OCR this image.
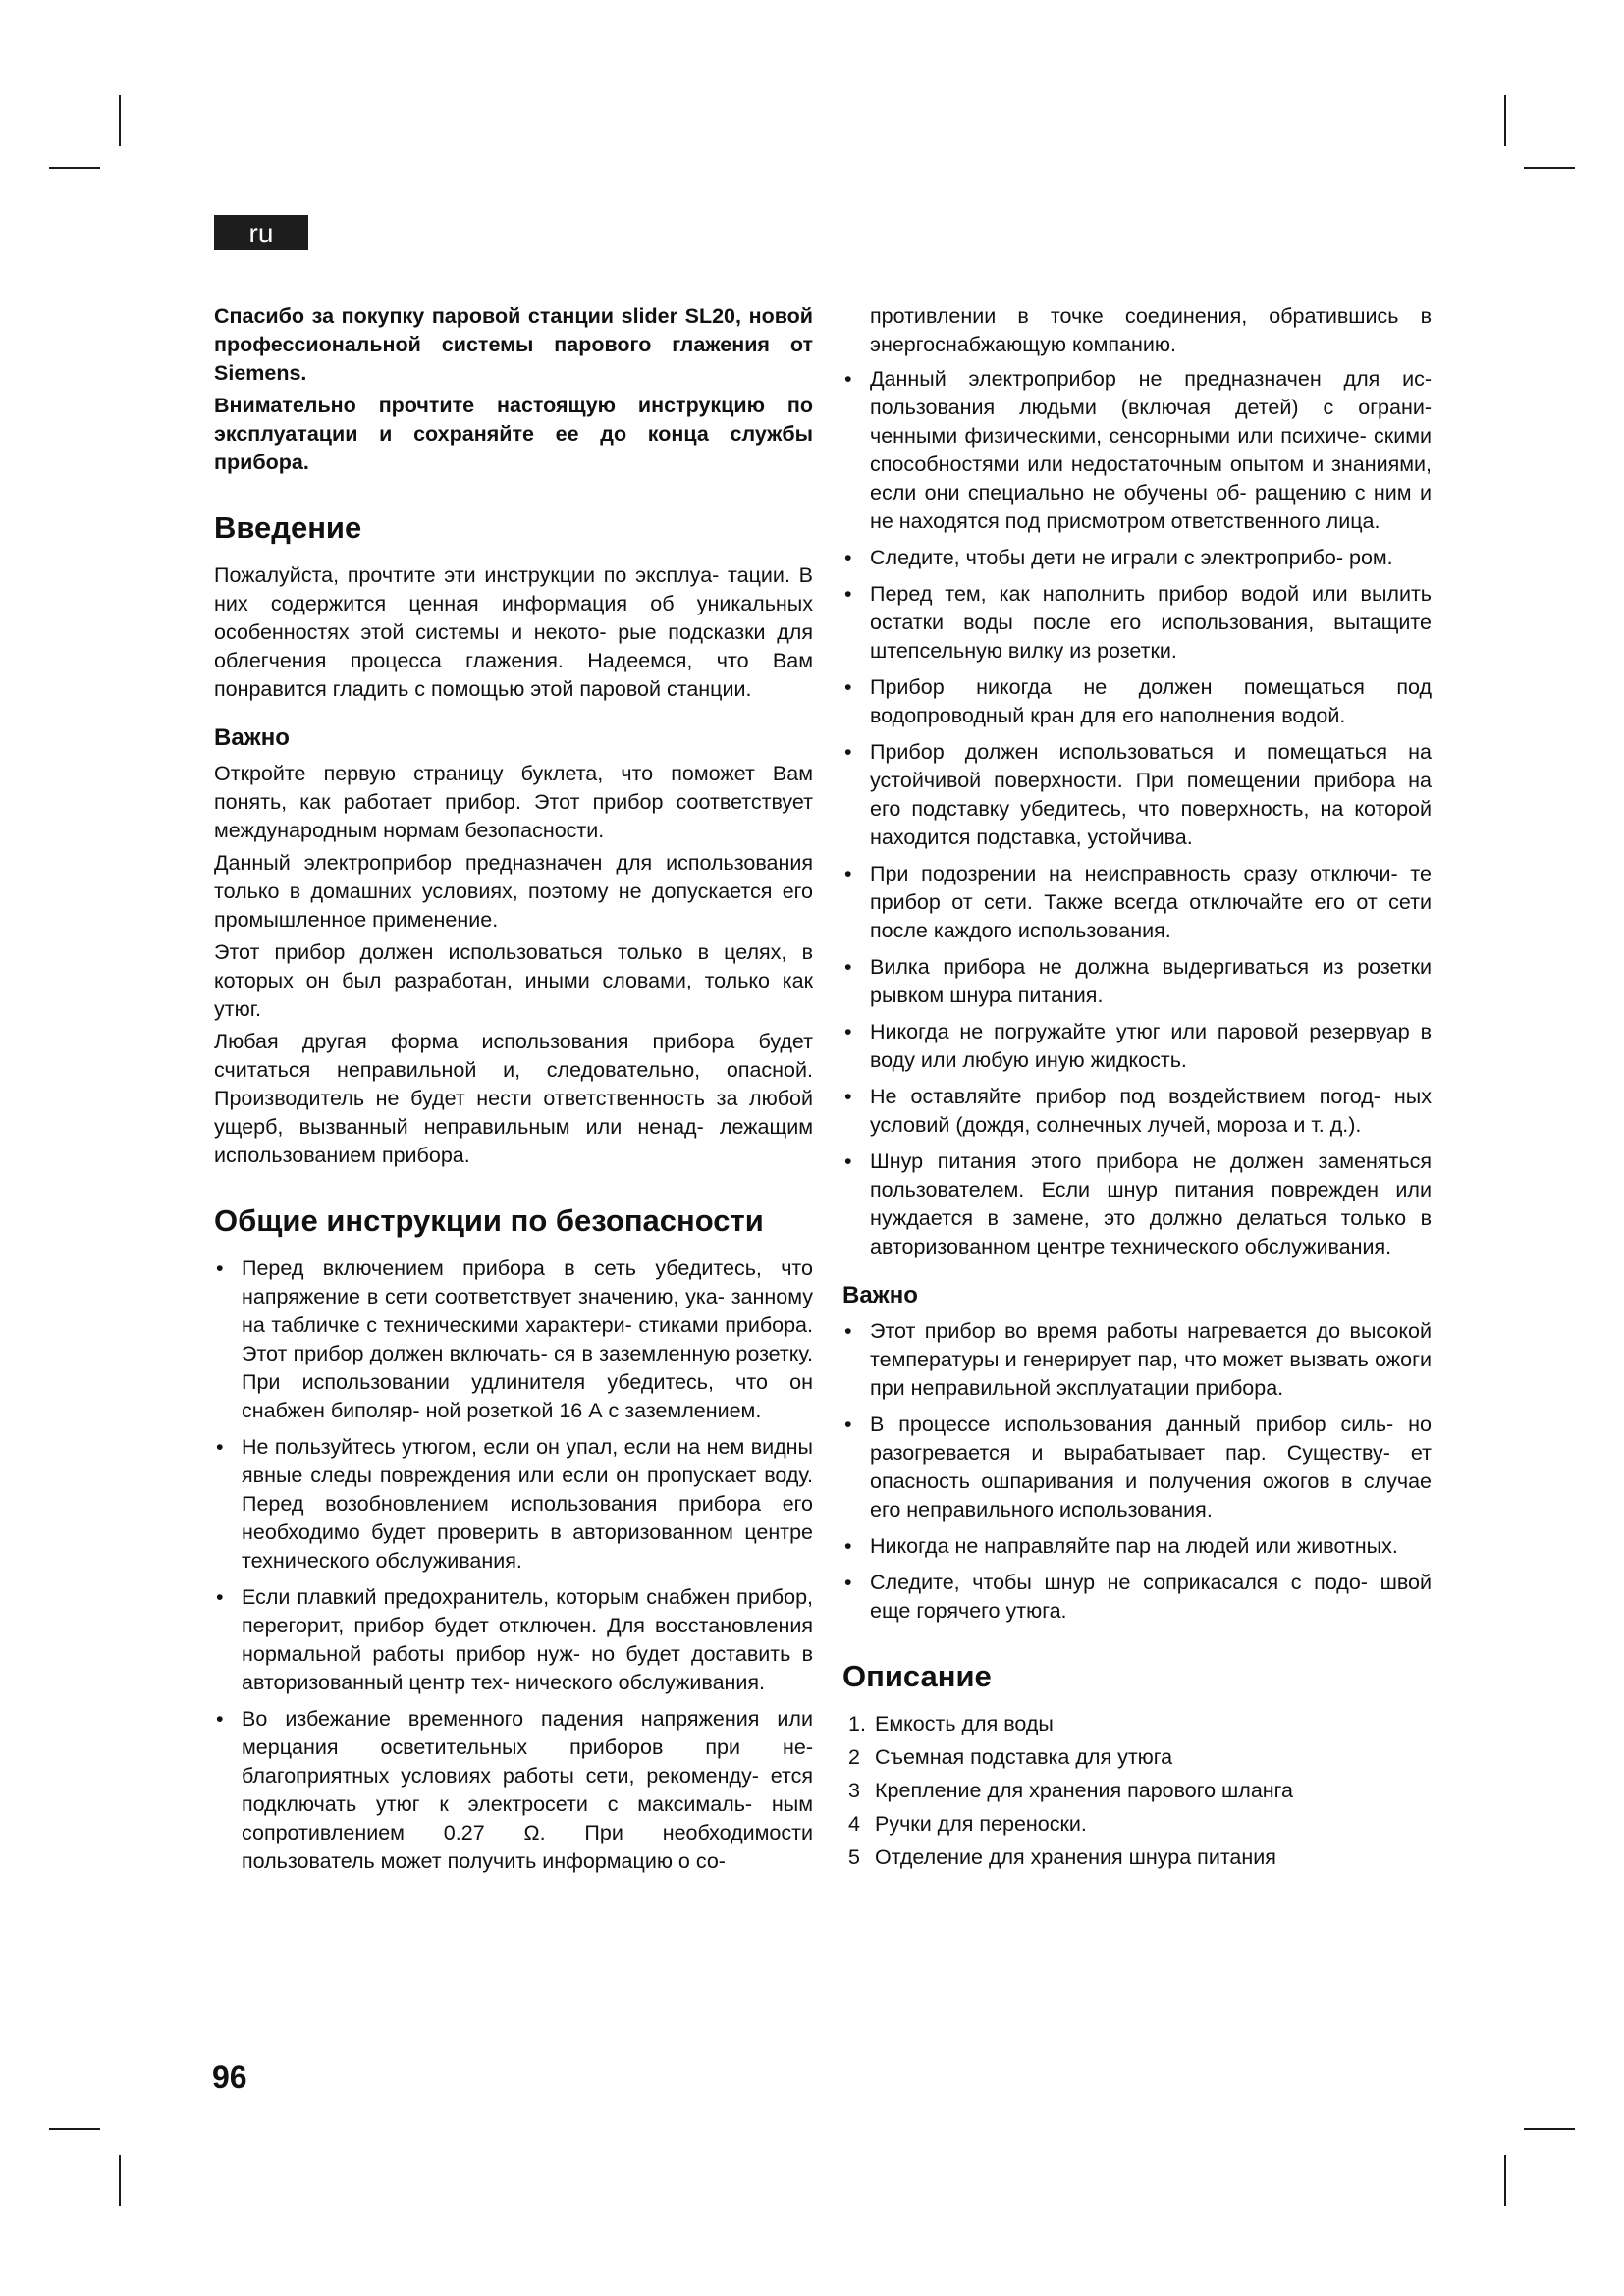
ru

Спасибо за покупку паровой станции slider SL20, новой профессиональной системы парового глажения от Siemens.

Внимательно прочтите настоящую инструкцию по эксплуатации и сохраняйте ее до конца службы прибора.

Введение

Пожалуйста, прочтите эти инструкции по эксплуа- тации. В них содержится ценная информация об уникальных особенностях этой системы и некото- рые подсказки для облегчения процесса глажения. Надеемся, что Вам понравится гладить с помощью этой паровой станции.

Важно

Откройте первую страницу буклета, что поможет Вам понять, как работает прибор. Этот прибор соответствует международным нормам безопасности.

Данный электроприбор предназначен для использования только в домашних условиях, поэтому не допускается его промышленное применение.

Этот прибор должен использоваться только в целях, в которых он был разработан, иными словами, только как утюг.

Любая другая форма использования прибора будет считаться неправильной и, следовательно, опасной. Производитель не будет нести ответственность за любой ущерб, вызванный неправильным или ненад- лежащим использованием прибора.

Общие инструкции по безопасности
• Перед включением прибора в сеть убедитесь, что напряжение в сети соответствует значению, ука- занному на табличке с техническими характери- стиками прибора. Этот прибор должен включать- ся в заземленную розетку. При использовании удлинителя убедитесь, что он снабжен биполяр- ной розеткой 16 А с заземлением.
• Не пользуйтесь утюгом, если он упал, если на нем видны явные следы повреждения или если он пропускает воду. Перед возобновлением использования прибора его необходимо будет проверить в авторизованном центре технического обслуживания.
• Если плавкий предохранитель, которым снабжен прибор, перегорит, прибор будет отключен. Для восстановления нормальной работы прибор нуж- но будет доставить в авторизованный центр тех- нического обслуживания.
• Во избежание временного падения напряжения или мерцания осветительных приборов при не- благоприятных условиях работы сети, рекоменду- ется подключать утюг к электросети с максималь- ным сопротивлением 0.27 Ω. При необходимости пользователь может получить информацию о со-

противлении в точке соединения, обратившись в энергоснабжающую компанию.

• Данный электроприбор не предназначен для ис- пользования людьми (включая детей) с ограни- ченными физическими, сенсорными или психиче- скими способностями или недостаточным опытом и знаниями, если они специально не обучены об- ращению с ним и не находятся под присмотром ответственного лица.
• Следите, чтобы дети не играли с электроприбо- ром.
• Перед тем, как наполнить прибор водой или вылить остатки воды после его использования, вытащите штепсельную вилку из розетки.
• Прибор никогда не должен помещаться под водопроводный кран для его наполнения водой.
• Прибор должен использоваться и помещаться на устойчивой поверхности. При помещении прибора на его подставку убедитесь, что поверхность, на которой находится подставка, устойчива.
• При подозрении на неисправность сразу отключи- те прибор от сети. Также всегда отключайте его от сети после каждого использования.
• Вилка прибора не должна выдергиваться из розетки рывком шнура питания.
• Никогда не погружайте утюг или паровой резервуар в воду или любую иную жидкость.
• Не оставляйте прибор под воздействием погод- ных условий (дождя, солнечных лучей, мороза и т. д.).
• Шнур питания этого прибора не должен заменяться пользователем. Если шнур питания поврежден или нуждается в замене, это должно делаться только в авторизованном центре технического обслуживания.
Важно
• Этот прибор во время работы нагревается до высокой температуры и генерирует пар, что может вызвать ожоги при неправильной эксплуатации прибора.
• В процессе использования данный прибор силь- но разогревается и вырабатывает пар. Существу- ет опасность ошпаривания и получения ожогов в случае его неправильного использования.
• Никогда не направляйте пар на людей или животных.
• Следите, чтобы шнур не соприкасался с подо- швой еще горячего утюга.
Описание
1. Емкость для воды
2 Съемная подставка для утюга
3 Крепление для хранения парового шланга
4 Ручки для переноски.
5 Отделение для хранения шнура питания
96
